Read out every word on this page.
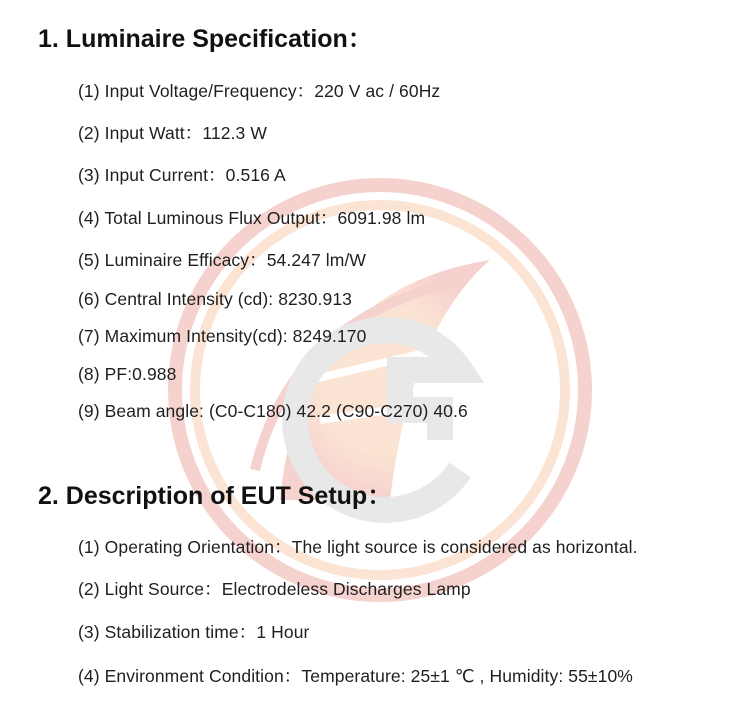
1. Luminaire Specification：
(1) Input Voltage/Frequency：220 V ac / 60Hz
(2) Input Watt：112.3 W
(3) Input Current：0.516 A
(4) Total Luminous Flux Output：6091.98 lm
(5) Luminaire Efficacy：54.247 lm/W
(6) Central Intensity (cd): 8230.913
(7) Maximum Intensity(cd): 8249.170
(8) PF:0.988
(9) Beam angle: (C0-C180) 42.2 (C90-C270) 40.6
2. Description of EUT Setup：
(1) Operating Orientation：The light source is considered as horizontal.
(2) Light Source：Electrodeless Discharges Lamp
(3) Stabilization time：1 Hour
(4) Environment Condition：Temperature: 25±1 ℃ , Humidity: 55±10%
